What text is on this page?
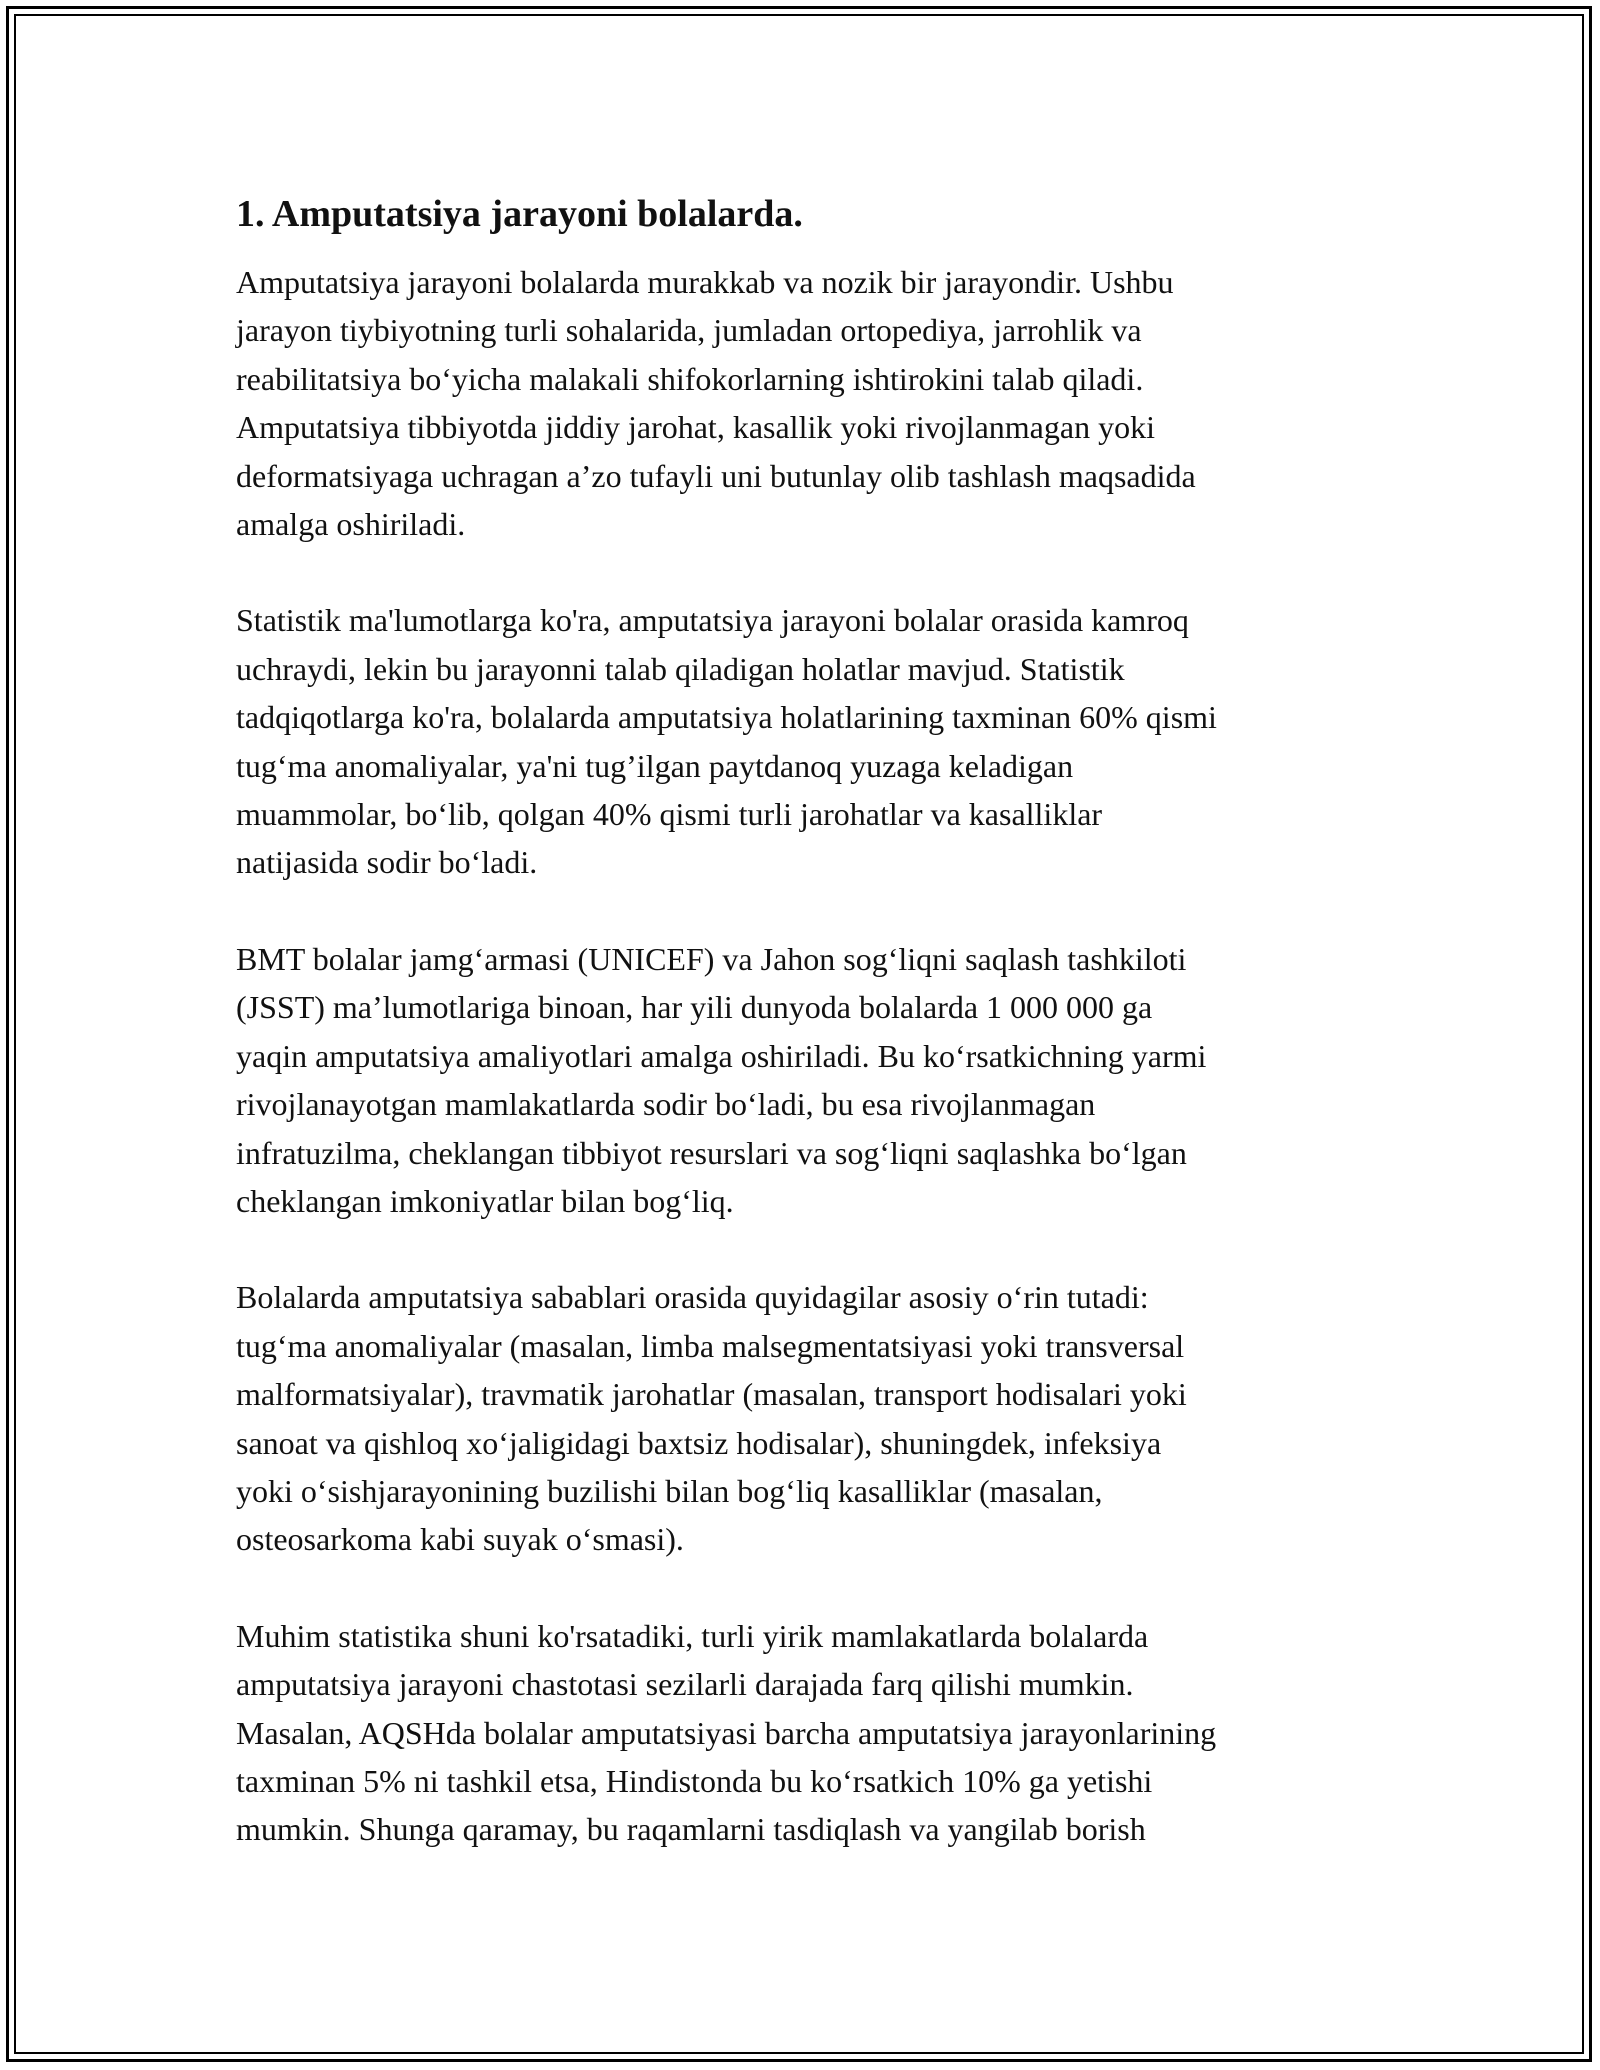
1. Amputatsiya jarayoni bolalarda.

Amputatsiya jarayoni bolalarda murakkab va nozik bir jarayondir. Ushbu
jarayon tiybiyotning turli sohalarida, jumladan ortopediya, jarrohlik va
reabilitatsiya bo‘yicha malakali shifokorlarning ishtirokini talab qiladi.
Amputatsiya tibbiyotda jiddiy jarohat, kasallik yoki rivojlanmagan yoki
deformatsiyaga uchragan a’zo tufayli uni butunlay olib tashlash maqsadida
amalga oshiriladi.

Statistik ma'lumotlarga ko'ra, amputatsiya jarayoni bolalar orasida kamroq
uchraydi, lekin bu jarayonni talab qiladigan holatlar mavjud. Statistik
tadqiqotlarga ko'ra, bolalarda amputatsiya holatlarining taxminan 60% qismi
tug‘ma anomaliyalar, ya'ni tug’ilgan paytdanoq yuzaga keladigan
muammolar, bo‘lib, qolgan 40% qismi turli jarohatlar va kasalliklar
natijasida sodir bo‘ladi.

BMT bolalar jamg‘armasi (UNICEF) va Jahon sog‘liqni saqlash tashkiloti
(JSST) ma’lumotlariga binoan, har yili dunyoda bolalarda 1 000 000 ga
yaqin amputatsiya amaliyotlari amalga oshiriladi. Bu ko‘rsatkichning yarmi
rivojlanayotgan mamlakatlarda sodir bo‘ladi, bu esa rivojlanmagan
infratuzilma, cheklangan tibbiyot resurslari va sog‘liqni saqlashka bo‘lgan
cheklangan imkoniyatlar bilan bog‘liq.

Bolalarda amputatsiya sabablari orasida quyidagilar asosiy o‘rin tutadi:
tug‘ma anomaliyalar (masalan, limba malsegmentatsiyasi yoki transversal
malformatsiyalar), travmatik jarohatlar (masalan, transport hodisalari yoki
sanoat va qishloq xo‘jaligidagi baxtsiz hodisalar), shuningdek, infeksiya
yoki o‘sishjarayonining buzilishi bilan bog‘liq kasalliklar (masalan,
osteosarkoma kabi suyak o‘smasi).

Muhim statistika shuni ko'rsatadiki, turli yirik mamlakatlarda bolalarda
amputatsiya jarayoni chastotasi sezilarli darajada farq qilishi mumkin.
Masalan, AQSHda bolalar amputatsiyasi barcha amputatsiya jarayonlarining
taxminan 5% ni tashkil etsa, Hindistonda bu ko‘rsatkich 10% ga yetishi
mumkin. Shunga qaramay, bu raqamlarni tasdiqlash va yangilab borish
